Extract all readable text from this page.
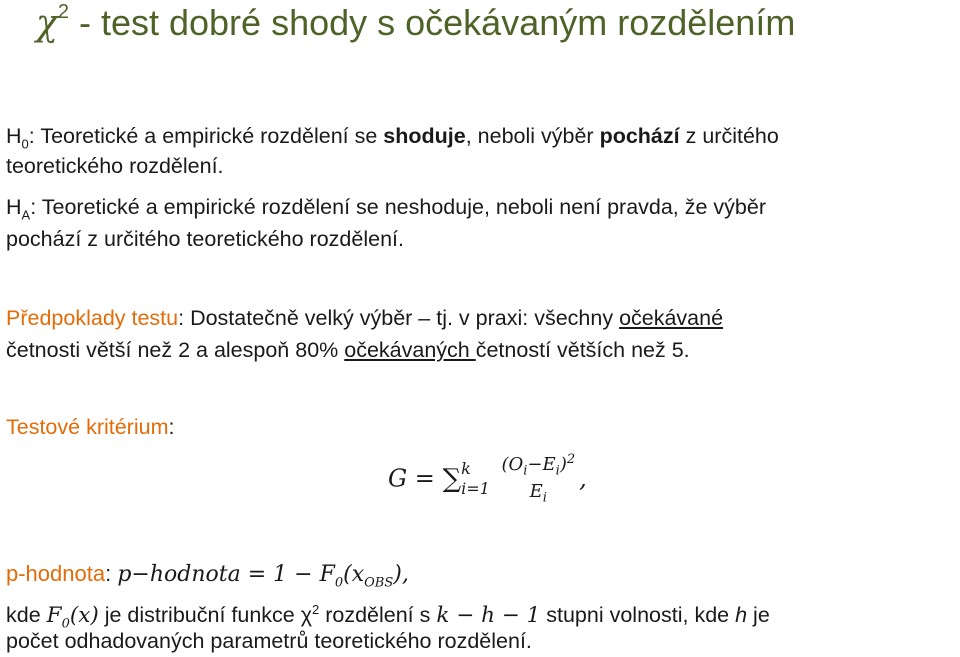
$\chi^2$ - test dobré shody s očekávaným rozdělením
$H_0$: Teoretické a empirické rozdělení se shoduje, neboli výběr pochází z určitého
teoretického rozdělení.
$H_A$: Teoretické a empirické rozdělení se neshoduje, neboli není pravda, že výběr
pochází z určitého teoretického rozdělení.
Předpoklady testu: Dostatečně velký výběr – tj. v praxi: všechny očekávané
četnosti větší než 2 a alespoň 80% očekávaných četností větších než 5.
Testové kritérium:
G = ∑ k
i=1

$(O_i-E_i)^2$
$E_i$
,
p-hodnota: p−hodnota = $1 - F_0(x_{OBS})$,
kde $F_0(x)$ je distribuční funkce $\chi^2$ rozdělení s k − h − 1 stupni volnosti, kde h je
počet odhadovaných parametrů teoretického rozdělení.
